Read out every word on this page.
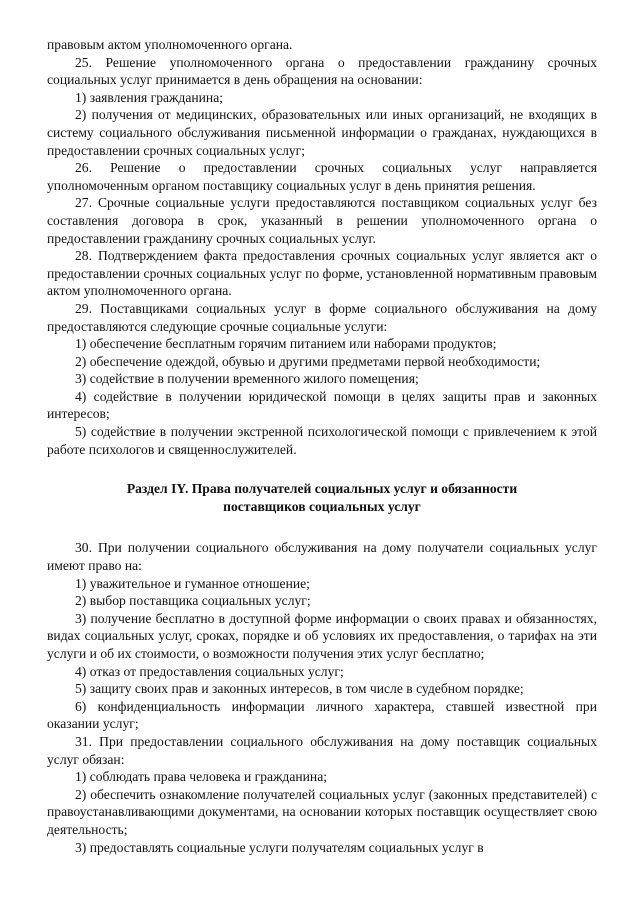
правовым актом уполномоченного органа.

25. Решение уполномоченного органа о предоставлении гражданину срочных социальных услуг принимается в день обращения на основании:

1) заявления гражданина;

2) получения от медицинских, образовательных или иных организаций, не входящих в систему социального обслуживания письменной информации о гражданах, нуждающихся в предоставлении срочных социальных услуг;

26. Решение о предоставлении срочных социальных услуг направляется уполномоченным органом поставщику социальных услуг в день принятия решения.

27. Срочные социальные услуги предоставляются поставщиком социальных услуг без составления договора в срок, указанный в решении уполномоченного органа о предоставлении гражданину срочных социальных услуг.

28. Подтверждением факта предоставления срочных социальных услуг является акт о предоставлении срочных социальных услуг по форме, установленной нормативным правовым актом уполномоченного органа.

29. Поставщиками социальных услуг в форме социального обслуживания на дому предоставляются следующие срочные социальные услуги:

1) обеспечение бесплатным горячим питанием или наборами продуктов;

2) обеспечение одеждой, обувью и другими предметами первой необходимости;

3) содействие в получении временного жилого помещения;

4) содействие в получении юридической помощи в целях защиты прав и законных интересов;

5) содействие в получении экстренной психологической помощи с привлечением к этой работе психологов и священнослужителей.

Раздел IY. Права получателей социальных услуг и обязанности
поставщиков социальных услуг

30. При получении социального обслуживания на дому получатели социальных услуг имеют право на:

1) уважительное и гуманное отношение;

2) выбор поставщика социальных услуг;

3) получение бесплатно в доступной форме информации о своих правах и обязанностях, видах социальных услуг, сроках, порядке и об условиях их предоставления, о тарифах на эти услуги и об их стоимости, о возможности получения этих услуг бесплатно;

4) отказ от предоставления социальных услуг;

5) защиту своих прав и законных интересов, в том числе в судебном порядке;

6) конфиденциальность информации личного характера, ставшей известной при оказании услуг;

31. При предоставлении социального обслуживания на дому поставщик социальных услуг обязан:

1) соблюдать права человека и гражданина;

2) обеспечить ознакомление получателей социальных услуг (законных представителей) с правоустанавливающими документами, на основании которых поставщик осуществляет свою деятельность;

3) предоставлять социальные услуги получателям социальных услуг в
